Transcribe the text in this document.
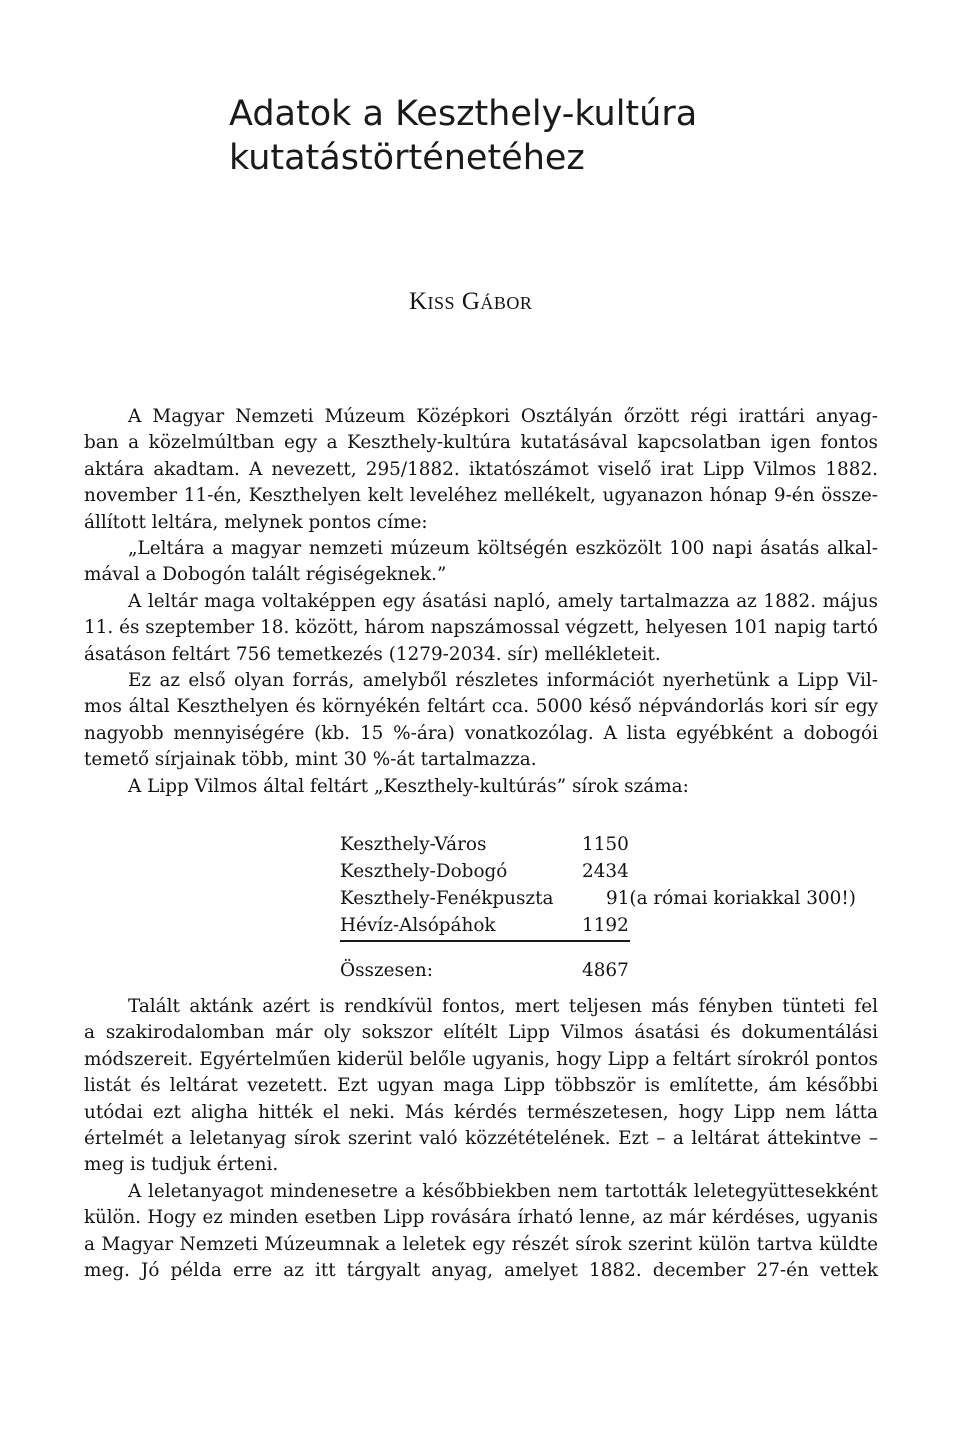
Adatok a Keszthely-kultúra
kutatástörténetéhez

Kiss Gábor

A Magyar Nemzeti Múzeum Középkori Osztályán őrzött régi irattári anyag-
ban a közelmúltban egy a Keszthely-kultúra kutatásával kapcsolatban igen fontos
aktára akadtam. A nevezett, 295/1882. iktatószámot viselő irat Lipp Vilmos 1882.
november 11-én, Keszthelyen kelt leveléhez mellékelt, ugyanazon hónap 9-én össze-
állított leltára, melynek pontos címe:
„Leltára a magyar nemzeti múzeum költségén eszközölt 100 napi ásatás alkal-
mával a Dobogón talált régiségeknek.”
A leltár maga voltaképpen egy ásatási napló, amely tartalmazza az 1882. május
11. és szeptember 18. között, három napszámossal végzett, helyesen 101 napig tartó
ásatáson feltárt 756 temetkezés (1279-2034. sír) mellékleteit.
Ez az első olyan forrás, amelyből részletes információt nyerhetünk a Lipp Vil-
mos által Keszthelyen és környékén feltárt cca. 5000 késő népvándorlás kori sír egy
nagyobb mennyiségére (kb. 15 %-ára) vonatkozólag. A lista egyébként a dobogói
temető sírjainak több, mint 30 %-át tartalmazza.
A Lipp Vilmos által feltárt „Keszthely-kultúrás” sírok száma:
Keszthely-Város	1150
Keszthely-Dobogó	2434
Keszthely-Fenékpuszta	91(a római koriakkal 300!)
Hévíz-Alsópáhok	1192
Összesen:	4867
Talált aktánk azért is rendkívül fontos, mert teljesen más fényben tünteti fel
a szakirodalomban már oly sokszor elítélt Lipp Vilmos ásatási és dokumentálási
módszereit. Egyértelműen kiderül belőle ugyanis, hogy Lipp a feltárt sírokról pontos
listát és leltárat vezetett. Ezt ugyan maga Lipp többször is említette, ám későbbi
utódai ezt aligha hitték el neki. Más kérdés természetesen, hogy Lipp nem látta
értelmét a leletanyag sírok szerint való közzétételének. Ezt – a leltárat áttekintve –
meg is tudjuk érteni.
A leletanyagot mindenesetre a későbbiekben nem tartották leletegyüttesekként
külön. Hogy ez minden esetben Lipp rovására írható lenne, az már kérdéses, ugyanis
a Magyar Nemzeti Múzeumnak a leletek egy részét sírok szerint külön tartva küldte
meg. Jó példa erre az itt tárgyalt anyag, amelyet 1882. december 27-én vettek
